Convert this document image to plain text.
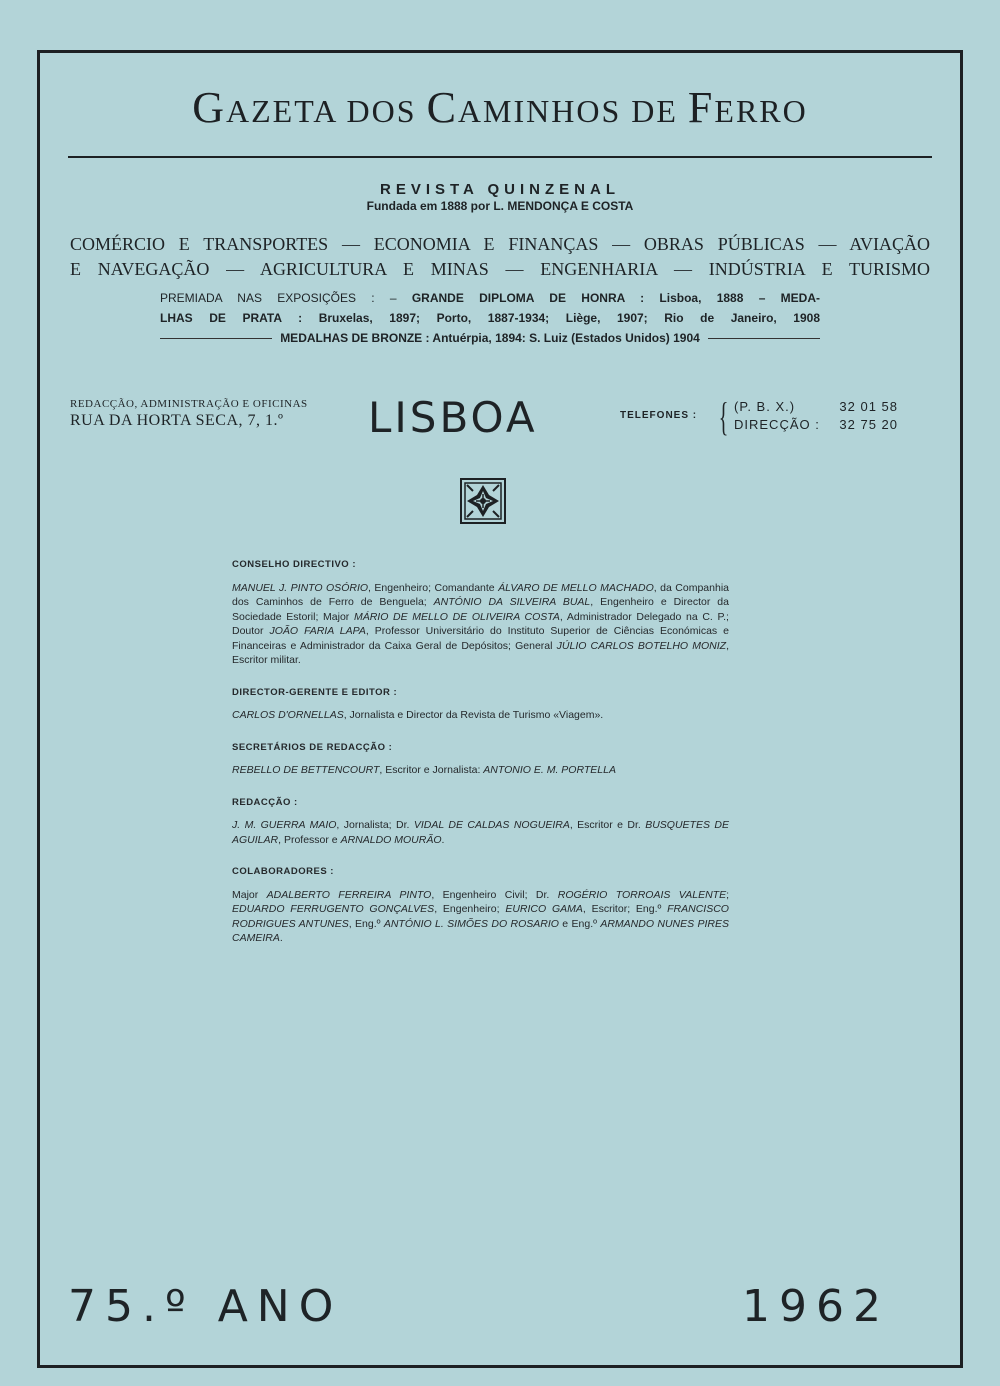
GAZETA DOS CAMINHOS DE FERRO
REVISTA QUINZENAL
Fundada em 1888 por L. MENDONÇA E COSTA
COMÉRCIO E TRANSPORTES — ECONOMIA E FINANÇAS — OBRAS PÚBLICAS — AVIAÇÃO
E NAVEGAÇÃO — AGRICULTURA E MINAS — ENGENHARIA — INDÚSTRIA E TURISMO
PREMIADA NAS EXPOSIÇÕES : – GRANDE DIPLOMA DE HONRA : Lisboa, 1888 – MEDA-
LHAS DE PRATA : Bruxelas, 1897; Porto, 1887-1934; Liège, 1907; Rio de Janeiro, 1908
MEDALHAS DE BRONZE : Antuérpia, 1894: S. Luiz (Estados Unidos) 1904
REDACÇÃO, ADMINISTRAÇÃO E OFICINAS
RUA DA HORTA SECA, 7, 1.º	LISBOA	TELEFONES : { (P. B. X.)	32 01 58
DIRECÇÃO : 32 75 20
CONSELHO DIRECTIVO :
MANUEL J. PINTO OSÓRIO, Engenheiro; Comandante ÁLVARO DE MELLO MACHADO, da Companhia dos Caminhos de Ferro de Benguela; ANTÓNIO DA SILVEIRA BUAL, Engenheiro e Director da Sociedade Estoril; Major MÁRIO DE MELLO DE OLIVEIRA COSTA, Administrador Delegado na C. P.; Doutor JOÃO FARIA LAPA, Professor Universitário do Instituto Superior de Ciências Económicas e Financeiras e Administrador da Caixa Geral de Depósitos; General JÚLIO CARLOS BOTELHO MONIZ, Escritor militar.
DIRECTOR-GERENTE E EDITOR :
CARLOS D'ORNELLAS, Jornalista e Director da Revista de Turismo «Viagem».
SECRETÁRIOS DE REDACÇÃO :
REBELLO DE BETTENCOURT, Escritor e Jornalista: ANTONIO E. M. PORTELLA
REDACÇÃO :
J. M. GUERRA MAIO, Jornalista; Dr. VIDAL DE CALDAS NOGUEIRA, Escritor e Dr. BUSQUETES DE AGUILAR, Professor e ARNALDO MOURÃO.
COLABORADORES :
Major ADALBERTO FERREIRA PINTO, Engenheiro Civil; Dr. ROGÉRIO TORROAIS VALENTE; EDUARDO FERRUGENTO GONÇALVES, Engenheiro; EURICO GAMA, Escritor; Eng.º FRANCISCO RODRIGUES ANTUNES, Eng.º ANTÓNIO L. SIMÕES DO ROSARIO e Eng.º ARMANDO NUNES PIRES CAMEIRA.
75.º ANO	1962
